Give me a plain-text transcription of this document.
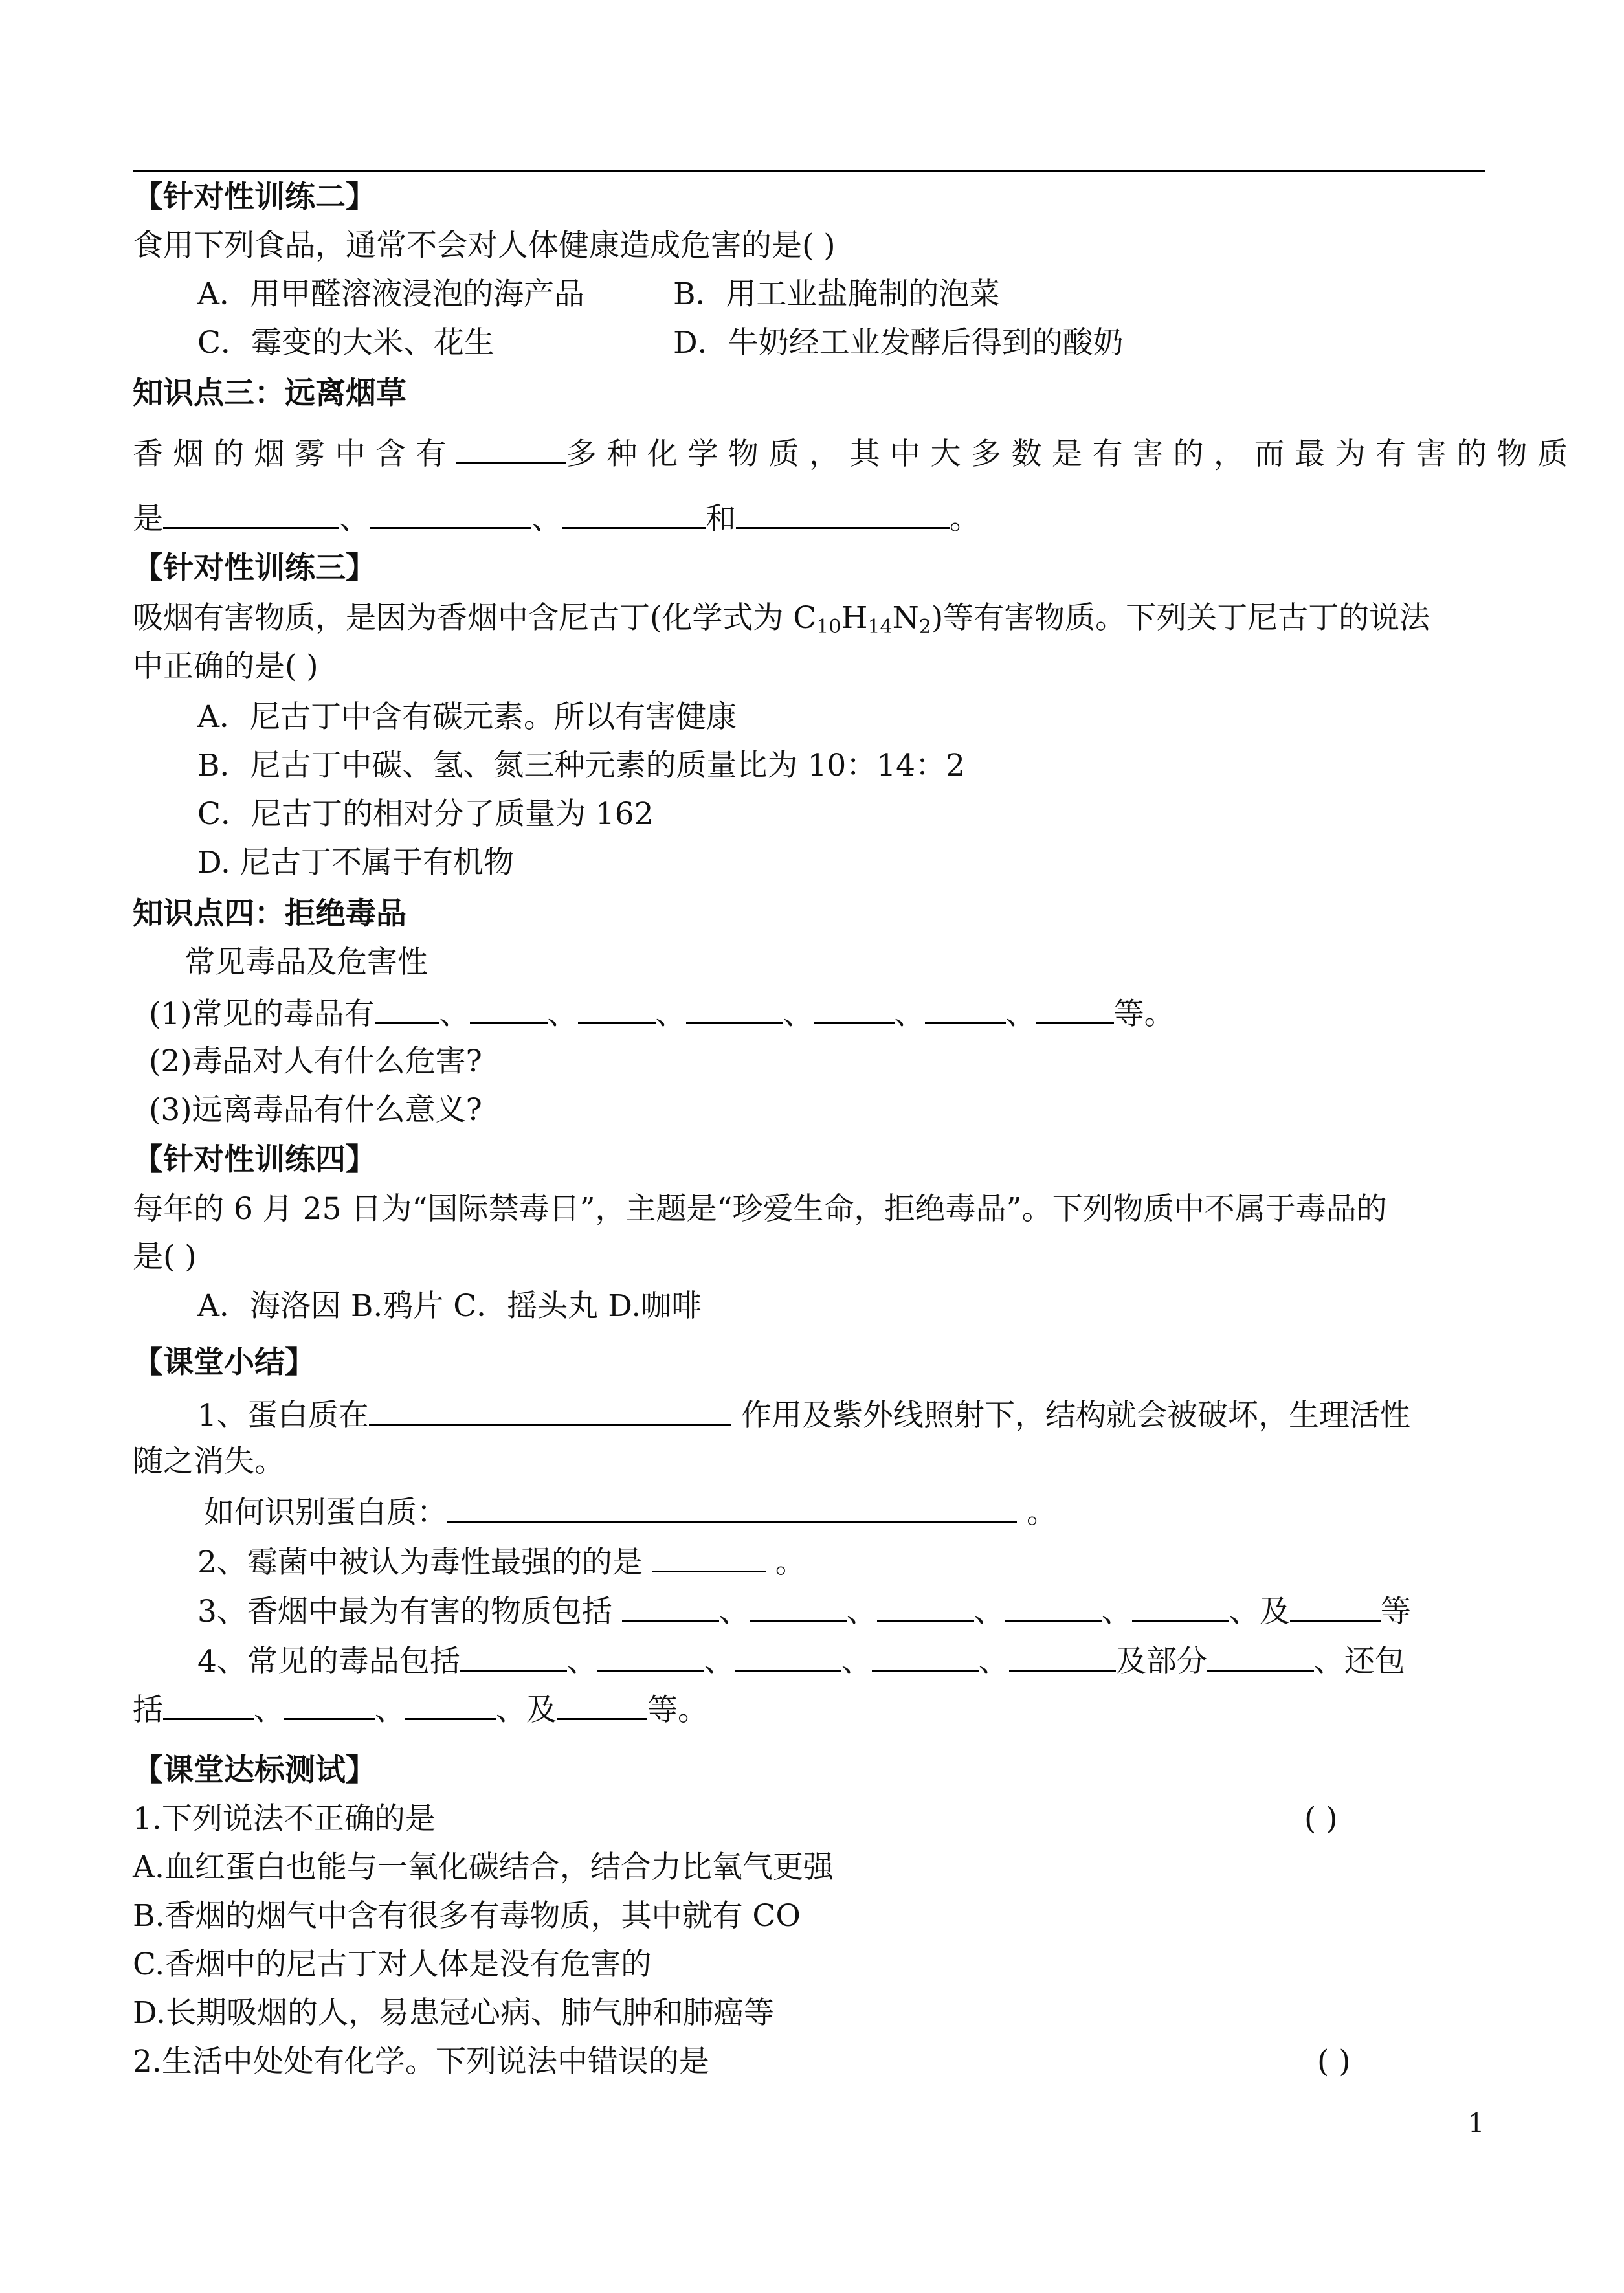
【针对性训练二】
食用下列食品，通常不会对人体健康造成危害的是( )
A．用甲醛溶液浸泡的海产品	B．用工业盐腌制的泡菜
C．霉变的大米、花生	D．牛奶经工业发酵后得到的酸奶
知识点三：远离烟草
香烟的烟雾中含有	多种化学物质，其中大多数是有害的，而最为有害的物质
是	、	、	和	。
【针对性训练三】
吸烟有害物质，是因为香烟中含尼古丁(化学式为 $C_{10}H_{14}N_2$)等有害物质。下列关丁尼古丁的说法
中正确的是( )
A．尼古丁中含有碳元素。所以有害健康
B．尼古丁中碳、氢、氮三种元素的质量比为 10：14：2
C．尼古丁的相对分了质量为 162
D. 尼古丁不属于有机物
知识点四：拒绝毒品
常见毒品及危害性
(1)常见的毒品有 、	、	、	、	、	、	等。
(2)毒品对人有什么危害?
(3)远离毒品有什么意义?
【针对性训练四】
每年的 6 月 25 日为“国际禁毒日”，主题是“珍爱生命，拒绝毒品”。下列物质中不属于毒品的
是( )
A．海洛因 B.鸦片 C．摇头丸 D.咖啡
【课堂小结】
1、蛋白质在	作用及紫外线照射下，结构就会被破坏，生理活性
随之消失。
如何识别蛋白质：	。
2、霉菌中被认为毒性最强的的是	。
3、香烟中最为有害的物质包括	、	、	、	、	、及	等
4、常见的毒品包括	、	、	、	、	及部分	、还包
括	、	、	、及	等。
【课堂达标测试】
1.下列说法不正确的是	( )
A.血红蛋白也能与一氧化碳结合，结合力比氧气更强
B.香烟的烟气中含有很多有毒物质，其中就有 CO
C.香烟中的尼古丁对人体是没有危害的
D.长期吸烟的人，易患冠心病、肺气肿和肺癌等
2.生活中处处有化学。下列说法中错误的是	( )
1
